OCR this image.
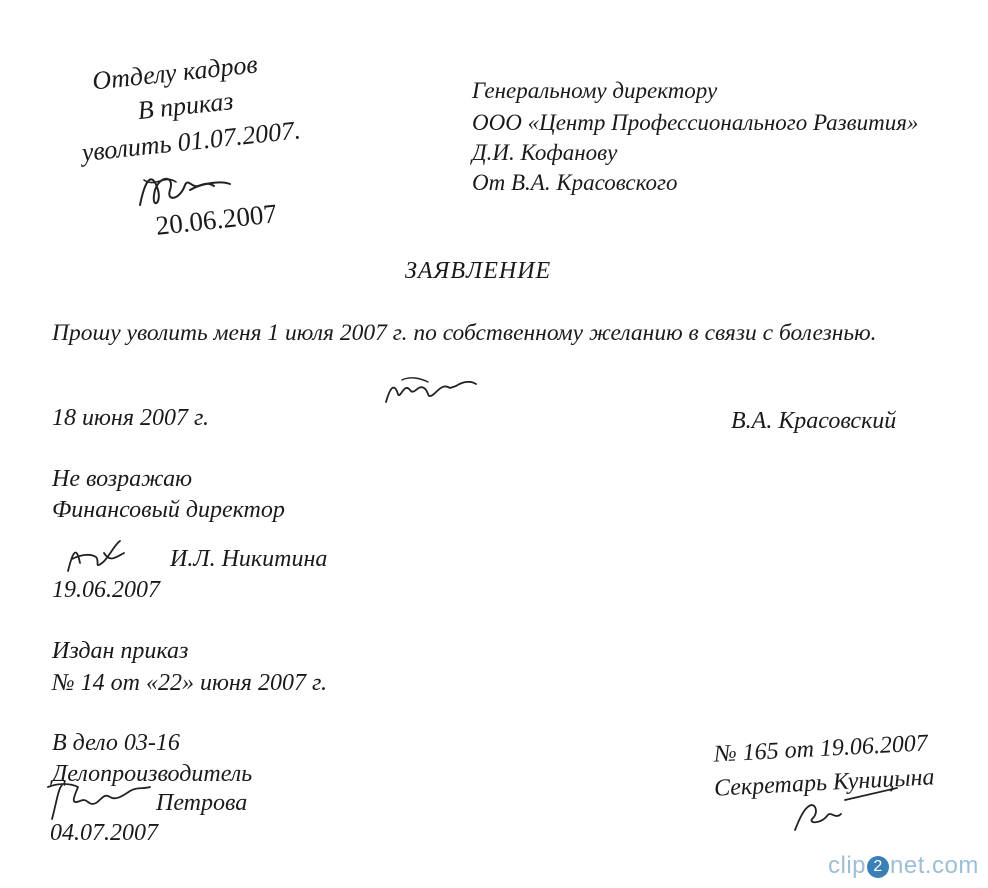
Отделу кадров
В приказ
уволить 01.07.2007.
20.06.2007
Генеральному директору
ООО «Центр Профессионального Развития»
Д.И. Кофанову
От В.А. Красовского
ЗАЯВЛЕНИЕ
Прошу уволить меня 1 июля 2007 г. по собственному желанию в связи с болезнью.
18 июня 2007 г.	В.А. Красовский
Не возражаю
Финансовый директор
И.Л. Никитина
19.06.2007
Издан приказ
№ 14 от «22» июня 2007 г.
В дело 03-16
Делопроизводитель
Петрова
04.07.2007
№ 165 от 19.06.2007
Секретарь Куницына
clip 2 net.com
